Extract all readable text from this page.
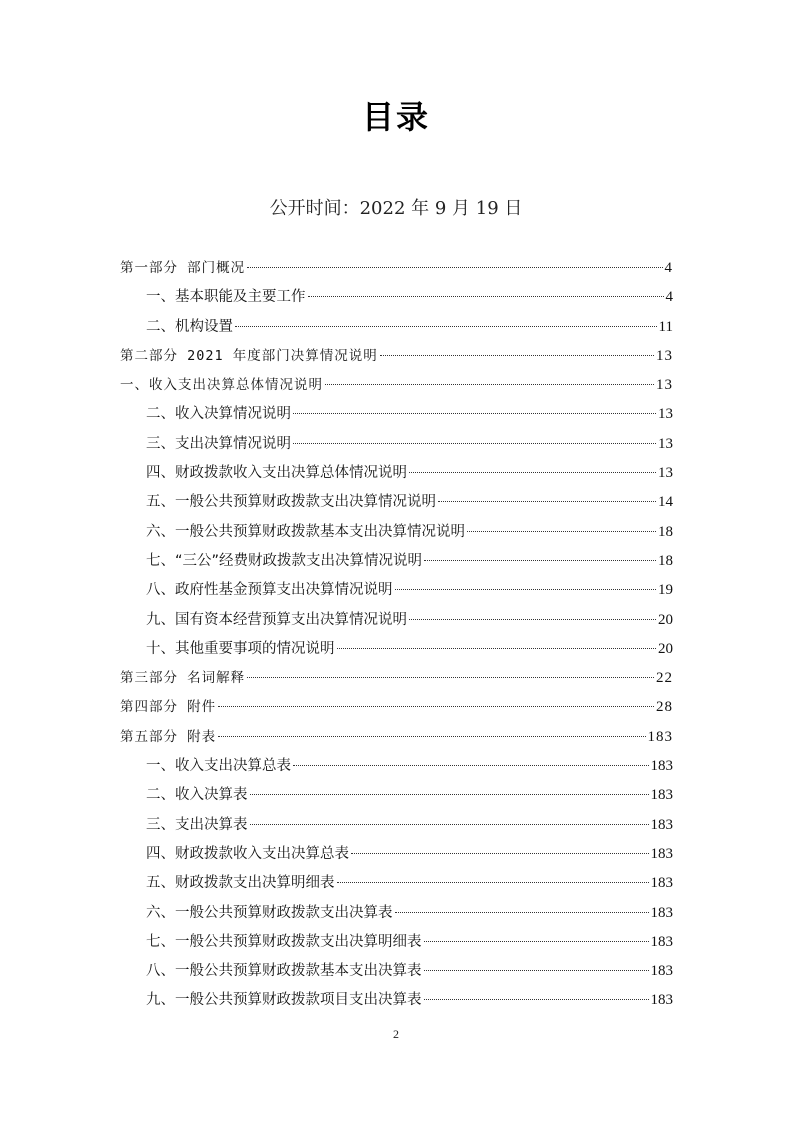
目录
公开时间：2022 年 9 月 19 日
第一部分 部门概况	4
一、基本职能及主要工作	4
二、机构设置	11
第二部分 2021 年度部门决算情况说明	13
一、收入支出决算总体情况说明	13
二、收入决算情况说明	13
三、支出决算情况说明	13
四、财政拨款收入支出决算总体情况说明	13
五、一般公共预算财政拨款支出决算情况说明	14
六、一般公共预算财政拨款基本支出决算情况说明	18
七、“三公”经费财政拨款支出决算情况说明	18
八、政府性基金预算支出决算情况说明	19
九、国有资本经营预算支出决算情况说明	20
十、其他重要事项的情况说明	20
第三部分 名词解释	22
第四部分 附件	28
第五部分 附表	183
一、收入支出决算总表	183
二、收入决算表	183
三、支出决算表	183
四、财政拨款收入支出决算总表	183
五、财政拨款支出决算明细表	183
六、一般公共预算财政拨款支出决算表	183
七、一般公共预算财政拨款支出决算明细表	183
八、一般公共预算财政拨款基本支出决算表	183
九、一般公共预算财政拨款项目支出决算表	183
2
